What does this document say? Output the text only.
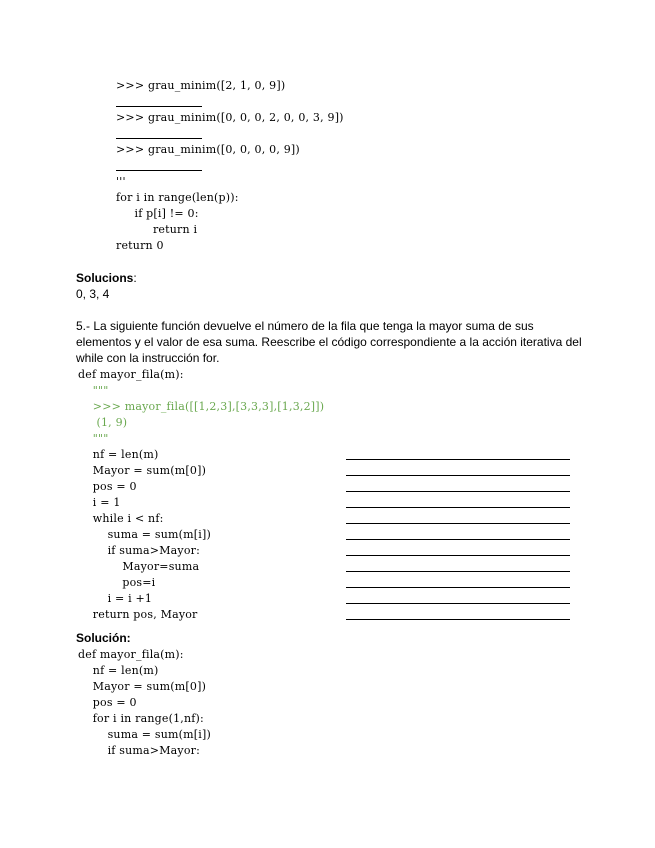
>>> grau_minim([2, 1, 0, 9])
>>> grau_minim([0, 0, 0, 2, 0, 0, 3, 9])
>>> grau_minim([0, 0, 0, 0, 9])
'''
for i in range(len(p)):
if p[i] != 0:
return i
return 0
Solucions:
0, 3, 4
5.- La siguiente función devuelve el número de la fila que tenga la mayor suma de sus
elementos y el valor de esa suma. Reescribe el código correspondiente a la acción iterativa del
while con la instrucción for.
def mayor_fila(m):
"""
>>> mayor_fila([[1,2,3],[3,3,3],[1,3,2]])
(1, 9)
"""
nf = len(m)
Mayor = sum(m[0])
pos = 0
i = 1
while i < nf:
suma = sum(m[i])
if suma>Mayor:
Mayor=suma
pos=i
i = i +1
return pos, Mayor
Solución:
def mayor_fila(m):
nf = len(m)
Mayor = sum(m[0])
pos = 0
for i in range(1,nf):
suma = sum(m[i])
if suma>Mayor:
